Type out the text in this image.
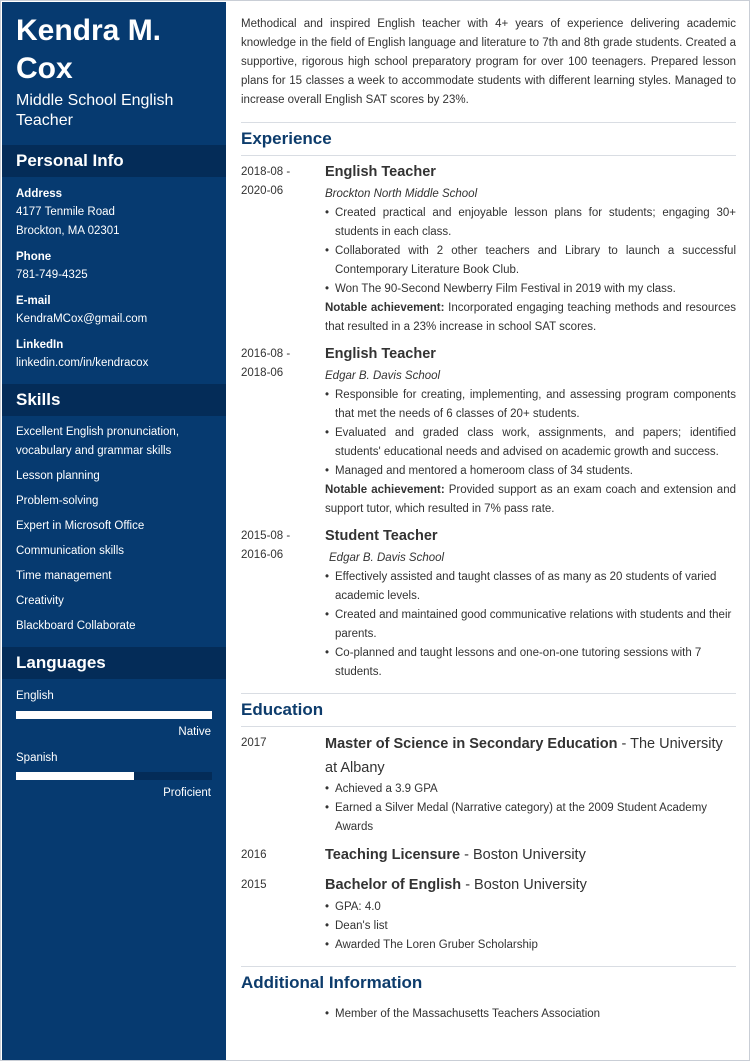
Kendra M. Cox
Middle School English Teacher
Personal Info
Address
4177 Tenmile Road
Brockton, MA 02301
Phone
781-749-4325
E-mail
KendraMCox@gmail.com
LinkedIn
linkedin.com/in/kendracox
Skills
Excellent English pronunciation, vocabulary and grammar skills
Lesson planning
Problem-solving
Expert in Microsoft Office
Communication skills
Time management
Creativity
Blackboard Collaborate
Languages
English
Native
Spanish
Proficient
Methodical and inspired English teacher with 4+ years of experience delivering academic knowledge in the field of English language and literature to 7th and 8th grade students. Created a supportive, rigorous high school preparatory program for over 100 teenagers. Prepared lesson plans for 15 classes a week to accommodate students with different learning styles. Managed to increase overall English SAT scores by 23%.
Experience
2018-08 -
2020-06
English Teacher
Brockton North Middle School
• Created practical and enjoyable lesson plans for students; engaging 30+ students in each class.
• Collaborated with 2 other teachers and Library to launch a successful Contemporary Literature Book Club.
• Won The 90-Second Newberry Film Festival in 2019 with my class.
Notable achievement: Incorporated engaging teaching methods and resources that resulted in a 23% increase in school SAT scores.
2016-08 -
2018-06
English Teacher
Edgar B. Davis School
• Responsible for creating, implementing, and assessing program components that met the needs of 6 classes of 20+ students.
• Evaluated and graded class work, assignments, and papers; identified students' educational needs and advised on academic growth and success.
• Managed and mentored a homeroom class of 34 students.
Notable achievement: Provided support as an exam coach and extension and support tutor, which resulted in 7% pass rate.
2015-08 -
2016-06
Student Teacher
Edgar B. Davis School
• Effectively assisted and taught classes of as many as 20 students of varied academic levels.
• Created and maintained good communicative relations with students and their parents.
• Co-planned and taught lessons and one-on-one tutoring sessions with 7 students.
Education
2017	Master of Science in Secondary Education - The University at Albany
• Achieved a 3.9 GPA
• Earned a Silver Medal (Narrative category) at the 2009 Student Academy Awards
2016	Teaching Licensure - Boston University
2015	Bachelor of English - Boston University
• GPA: 4.0
• Dean's list
• Awarded The Loren Gruber Scholarship
Additional Information
• Member of the Massachusetts Teachers Association
